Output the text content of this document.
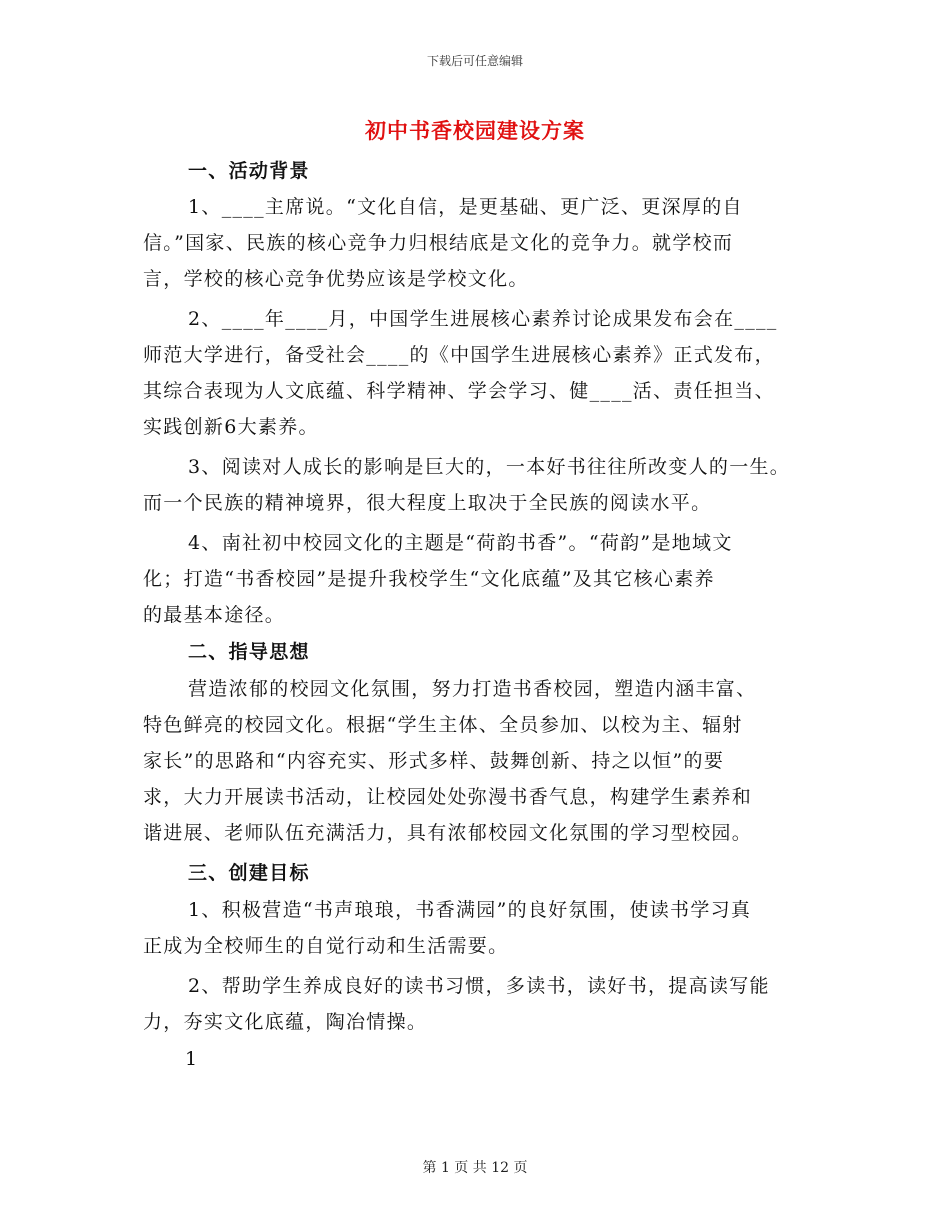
下载后可任意编辑
初中书香校园建设方案
一、活动背景
1、____主席说。“文化自信，是更基础、更广泛、更深厚的自
信。”国家、民族的核心竞争力归根结底是文化的竞争力。就学校而
言，学校的核心竞争优势应该是学校文化。
2、____年____月，中国学生进展核心素养讨论成果发布会在____
师范大学进行，备受社会____的《中国学生进展核心素养》正式发布，
其综合表现为人文底蕴、科学精神、学会学习、健____活、责任担当、
实践创新6大素养。
3、阅读对人成长的影响是巨大的，一本好书往往所改变人的一生。
而一个民族的精神境界，很大程度上取决于全民族的阅读水平。
4、南社初中校园文化的主题是“荷韵书香”。“荷韵”是地域文
化；打造“书香校园”是提升我校学生“文化底蕴”及其它核心素养
的最基本途径。
二、指导思想
营造浓郁的校园文化氛围，努力打造书香校园，塑造内涵丰富、
特色鲜亮的校园文化。根据“学生主体、全员参加、以校为主、辐射
家长”的思路和“内容充实、形式多样、鼓舞创新、持之以恒”的要
求，大力开展读书活动，让校园处处弥漫书香气息，构建学生素养和
谐进展、老师队伍充满活力，具有浓郁校园文化氛围的学习型校园。
三、创建目标
1、积极营造“书声琅琅，书香满园”的良好氛围，使读书学习真
正成为全校师生的自觉行动和生活需要。
2、帮助学生养成良好的读书习惯，多读书，读好书，提高读写能
力，夯实文化底蕴，陶冶情操。
1
第 1 页 共 12 页
